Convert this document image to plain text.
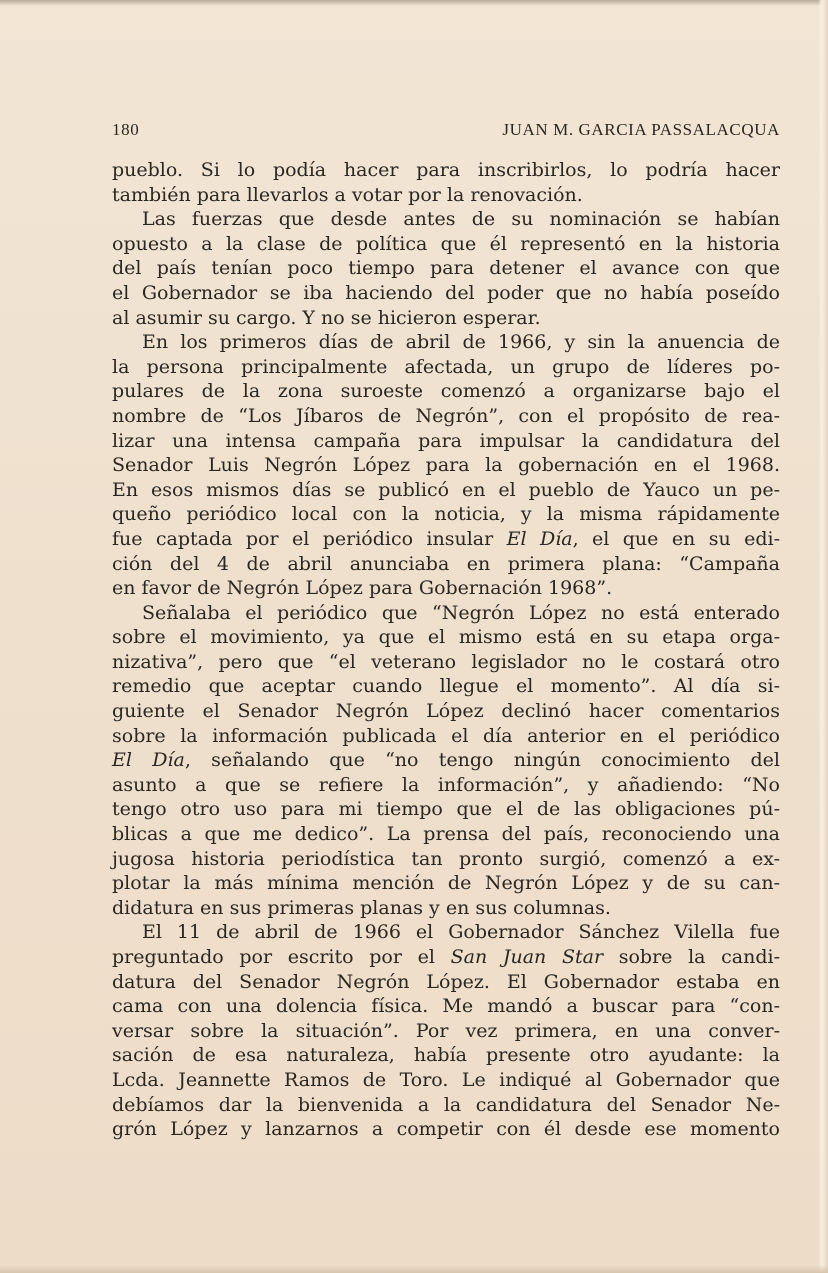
180	JUAN M. GARCIA PASSALACQUA
pueblo. Si lo podía hacer para inscribirlos, lo podría hacer
también para llevarlos a votar por la renovación.
Las fuerzas que desde antes de su nominación se habían
opuesto a la clase de política que él representó en la historia
del país tenían poco tiempo para detener el avance con que
el Gobernador se iba haciendo del poder que no había poseído
al asumir su cargo. Y no se hicieron esperar.
En los primeros días de abril de 1966, y sin la anuencia de
la persona principalmente afectada, un grupo de líderes po-
pulares de la zona suroeste comenzó a organizarse bajo el
nombre de “Los Jíbaros de Negrón”, con el propósito de rea-
lizar una intensa campaña para impulsar la candidatura del
Senador Luis Negrón López para la gobernación en el 1968.
En esos mismos días se publicó en el pueblo de Yauco un pe-
queño periódico local con la noticia, y la misma rápidamente
fue captada por el periódico insular El Día, el que en su edi-
ción del 4 de abril anunciaba en primera plana: “Campaña
en favor de Negrón López para Gobernación 1968”.
Señalaba el periódico que “Negrón López no está enterado
sobre el movimiento, ya que el mismo está en su etapa orga-
nizativa”, pero que “el veterano legislador no le costará otro
remedio que aceptar cuando llegue el momento”. Al día si-
guiente el Senador Negrón López declinó hacer comentarios
sobre la información publicada el día anterior en el periódico
El Día, señalando que “no tengo ningún conocimiento del
asunto a que se refiere la información”, y añadiendo: “No
tengo otro uso para mi tiempo que el de las obligaciones pú-
blicas a que me dedico”. La prensa del país, reconociendo una
jugosa historia periodística tan pronto surgió, comenzó a ex-
plotar la más mínima mención de Negrón López y de su can-
didatura en sus primeras planas y en sus columnas.
El 11 de abril de 1966 el Gobernador Sánchez Vilella fue
preguntado por escrito por el San Juan Star sobre la candi-
datura del Senador Negrón López. El Gobernador estaba en
cama con una dolencia física. Me mandó a buscar para “con-
versar sobre la situación”. Por vez primera, en una conver-
sación de esa naturaleza, había presente otro ayudante: la
Lcda. Jeannette Ramos de Toro. Le indiqué al Gobernador que
debíamos dar la bienvenida a la candidatura del Senador Ne-
grón López y lanzarnos a competir con él desde ese momento
